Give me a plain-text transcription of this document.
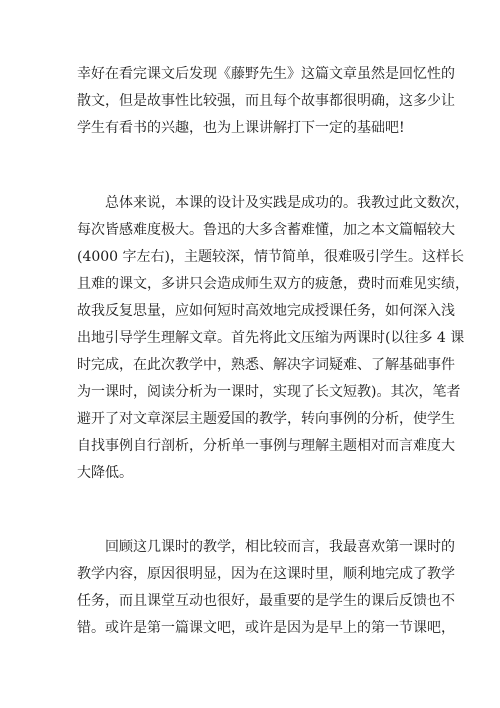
幸好在看完课文后发现《藤野先生》这篇文章虽然是回忆性的
散文，但是故事性比较强，而且每个故事都很明确，这多少让
学生有看书的兴趣，也为上课讲解打下一定的基础吧!
　　总体来说，本课的设计及实践是成功的。我教过此文数次，
每次皆感难度极大。鲁迅的大多含蓄难懂，加之本文篇幅较大
(4000 字左右)，主题较深，情节简单，很难吸引学生。这样长
且难的课文，多讲只会造成师生双方的疲惫，费时而难见实绩，
故我反复思量，应如何短时高效地完成授课任务，如何深入浅
出地引导学生理解文章。首先将此文压缩为两课时(以往多 4 课
时完成，在此次教学中，熟悉、解决字词疑难、了解基础事件
为一课时，阅读分析为一课时，实现了长文短教)。其次，笔者
避开了对文章深层主题爱国的教学，转向事例的分析，使学生
自找事例自行剖析，分析单一事例与理解主题相对而言难度大
大降低。
　　回顾这几课时的教学，相比较而言，我最喜欢第一课时的
教学内容，原因很明显，因为在这课时里，顺利地完成了教学
任务，而且课堂互动也很好，最重要的是学生的课后反馈也不
错。或许是第一篇课文吧，或许是因为是早上的第一节课吧，
